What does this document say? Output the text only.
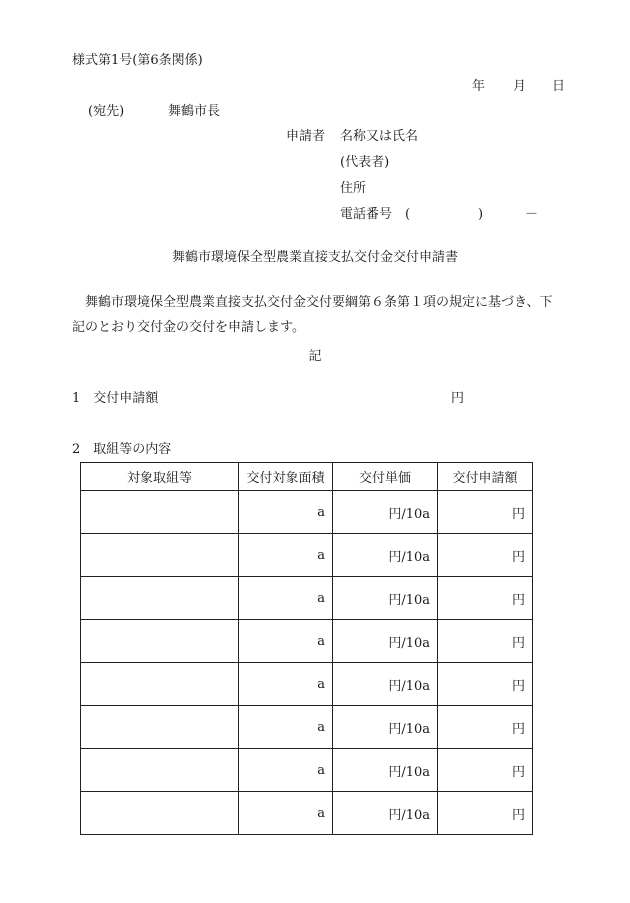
様式第1号(第6条関係)
年 月 日
(宛先)	舞鶴市長
申請者 名称又は氏名
(代表者)
住所
電話番号 (	)	－
舞鶴市環境保全型農業直接支払交付金交付申請書
舞鶴市環境保全型農業直接支払交付金交付要綱第６条第１項の規定に基づき、下記のとおり交付金の交付を申請します。
記
1　交付申請額	円
2　取組等の内容
対象取組等	交付対象面積	交付単価	交付申請額
	a	円/10a	円
	a	円/10a	円
	a	円/10a	円
	a	円/10a	円
	a	円/10a	円
	a	円/10a	円
	a	円/10a	円
	a	円/10a	円
